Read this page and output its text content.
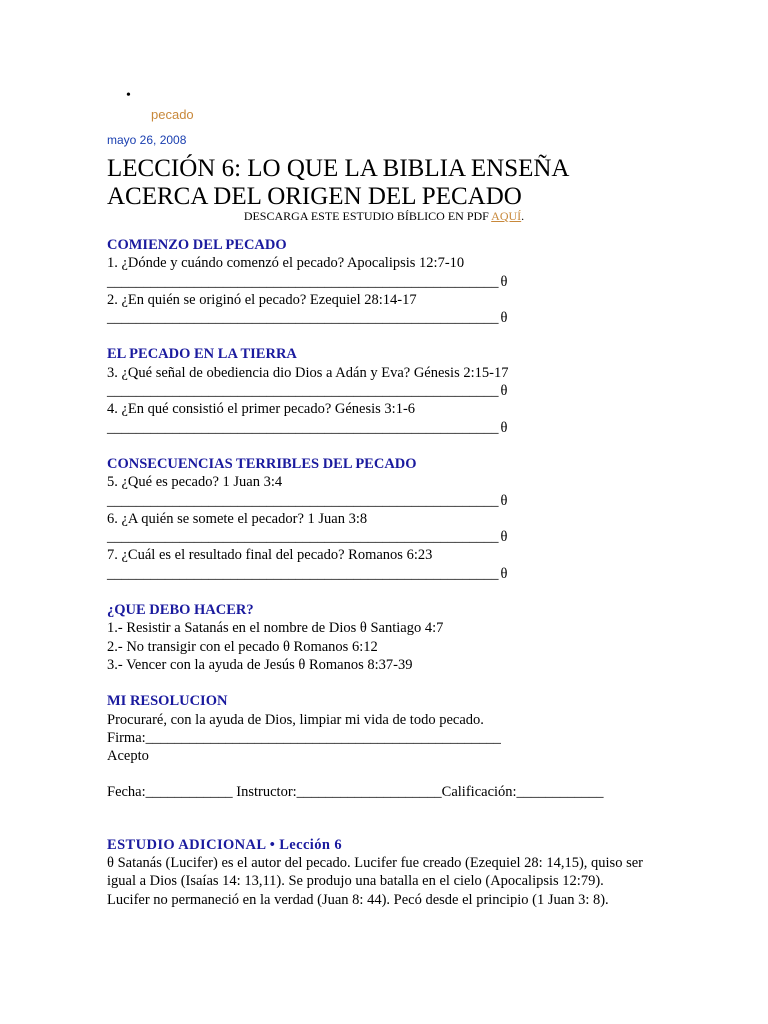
•
pecado
mayo 26, 2008
LECCIÓN 6: LO QUE LA BIBLIA ENSEÑA ACERCA DEL ORIGEN DEL PECADO
DESCARGA ESTE ESTUDIO BÍBLICO EN PDF AQUÍ.
COMIENZO DEL PECADO
1. ¿Dónde y cuándo comenzó el pecado? Apocalipsis 12:7-10
______________________________________________________ θ
2. ¿En quién se originó el pecado? Ezequiel 28:14-17
______________________________________________________ θ
EL PECADO EN LA TIERRA
3. ¿Qué señal de obediencia dio Dios a Adán y Eva? Génesis 2:15-17
______________________________________________________ θ
4. ¿En qué consistió el primer pecado? Génesis 3:1-6
______________________________________________________ θ
CONSECUENCIAS TERRIBLES DEL PECADO
5. ¿Qué es pecado? 1 Juan 3:4
______________________________________________________ θ
6. ¿A quién se somete el pecador? 1 Juan 3:8
______________________________________________________ θ
7. ¿Cuál es el resultado final del pecado? Romanos 6:23
______________________________________________________ θ
¿QUE DEBO HACER?
1.- Resistir a Satanás en el nombre de Dios θ Santiago 4:7
2.- No transigir con el pecado θ Romanos 6:12
3.- Vencer con la ayuda de Jesús θ Romanos 8:37-39
MI RESOLUCION
Procuraré, con la ayuda de Dios, limpiar mi vida de todo pecado.
Firma:_________________________________________________
Acepto
Fecha:____________ Instructor:____________________Calificación:____________
ESTUDIO ADICIONAL • Lección 6
θ Satanás (Lucifer) es el autor del pecado. Lucifer fue creado (Ezequiel 28: 14,15), quiso ser igual a Dios (Isaías 14: 13,11). Se produjo una batalla en el cielo (Apocalipsis 12:79). Lucifer no permaneció en la verdad (Juan 8: 44). Pecó desde el principio (1 Juan 3: 8).
